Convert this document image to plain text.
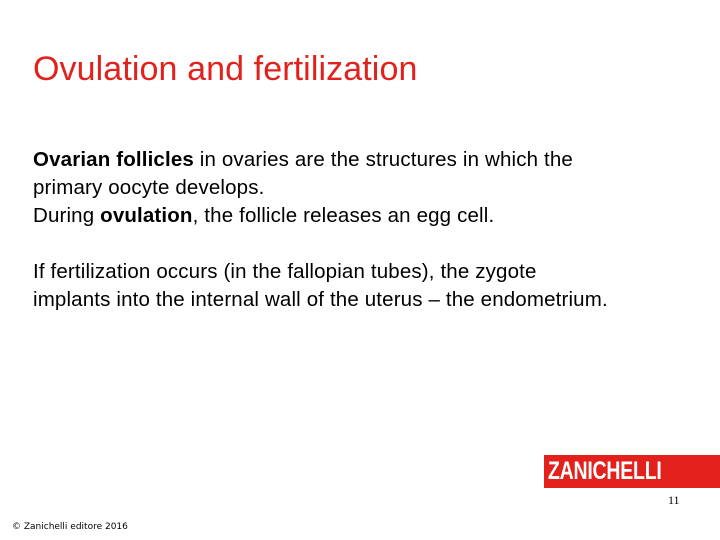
Ovulation and fertilization

Ovarian follicles in ovaries are the structures in which the
primary oocyte develops.
During ovulation, the follicle releases an egg cell.

If fertilization occurs (in the fallopian tubes), the zygote
implants into the internal wall of the uterus – the endometrium.

ZANICHELLI
11
© Zanichelli editore 2016
